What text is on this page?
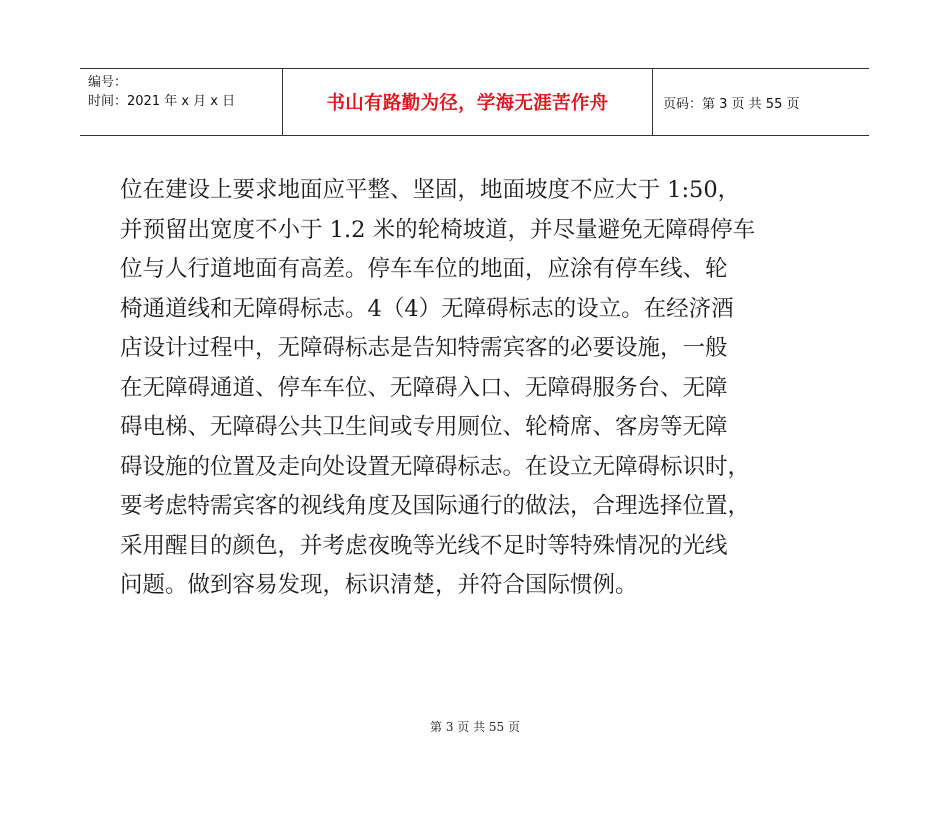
编号：
时间：2021 年 x 月 x 日	书山有路勤为径，学海无涯苦作舟	页码：第 3 页 共 55 页
位在建设上要求地面应平整、坚固，地面坡度不应大于 1:50，
并预留出宽度不小于 1.2 米的轮椅坡道，并尽量避免无障碍停车
位与人行道地面有高差。停车车位的地面，应涂有停车线、轮
椅通道线和无障碍标志。4（4）无障碍标志的设立。在经济酒
店设计过程中，无障碍标志是告知特需宾客的必要设施，一般
在无障碍通道、停车车位、无障碍入口、无障碍服务台、无障
碍电梯、无障碍公共卫生间或专用厕位、轮椅席、客房等无障
碍设施的位置及走向处设置无障碍标志。在设立无障碍标识时，
要考虑特需宾客的视线角度及国际通行的做法，合理选择位置，
采用醒目的颜色，并考虑夜晚等光线不足时等特殊情况的光线
问题。做到容易发现，标识清楚，并符合国际惯例。
第 3 页 共 55 页
